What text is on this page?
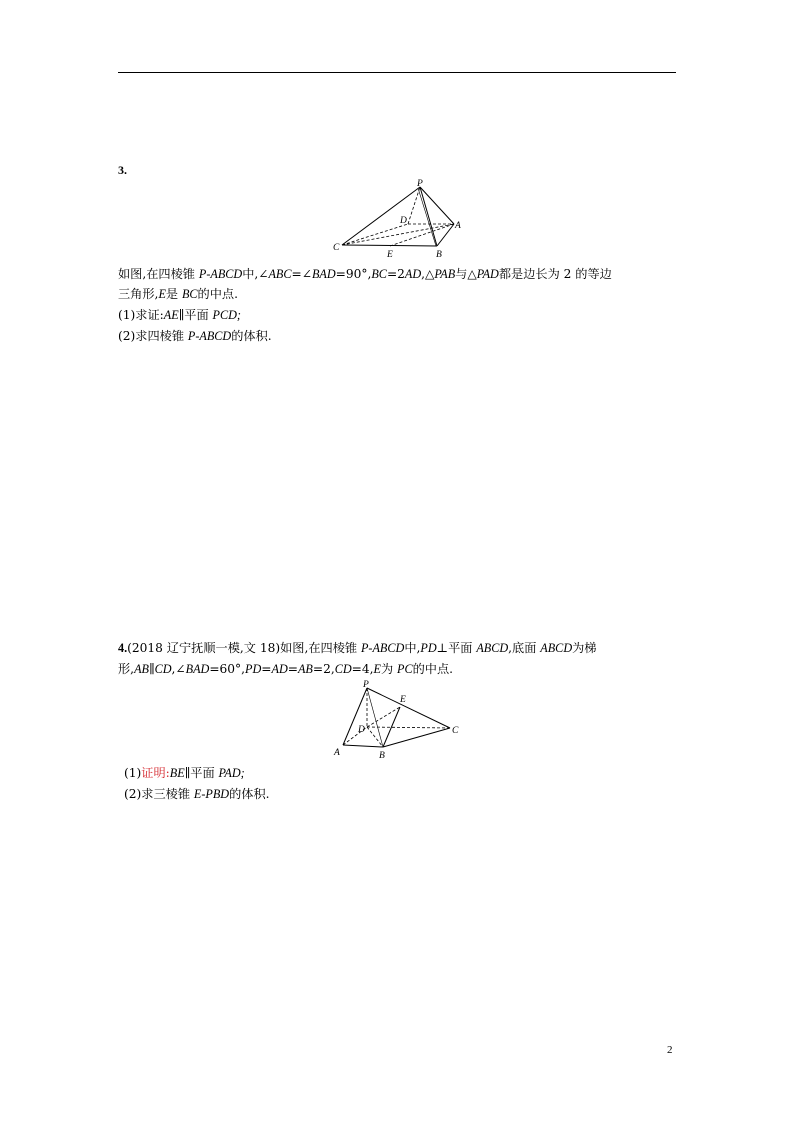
3.
P
D	A
C
E	B
如图,在四棱锥 P-ABCD中,∠ABC=∠BAD=90°,BC=2AD,△PAB与△PAD都是边长为 2 的等边
三角形,E是 BC的中点.
(1)求证:AE∥平面 PCD;
(2)求四棱锥 P-ABCD的体积.
4.(2018 辽宁抚顺一模,文 18)如图,在四棱锥 P-ABCD中,PD⊥平面 ABCD,底面 ABCD为梯
形,AB∥CD,∠BAD=60°,PD=AD=AB=2,CD=4,E为 PC的中点.
P
E
D	C
A	B
(1)证明:BE∥平面 PAD;
(2)求三棱锥 E-PBD的体积.
2
